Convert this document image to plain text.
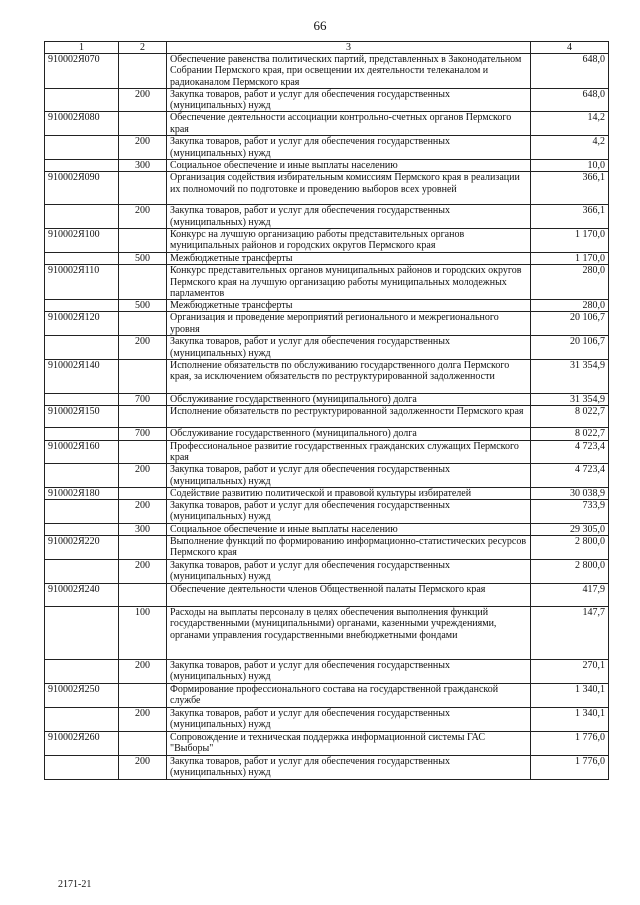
66
1	2	3	4
910002Я070		Обеспечение равенства политических партий, представленных в Законодательном Собрании Пермского края, при освещении их деятельности телеканалом и радиоканалом Пермского края	648,0
	200	Закупка товаров, работ и услуг для обеспечения государственных (муниципальных) нужд	648,0
910002Я080		Обеспечение деятельности ассоциации контрольно-счетных органов Пермского края	14,2
	200	Закупка товаров, работ и услуг для обеспечения государственных (муниципальных) нужд	4,2
	300	Социальное обеспечение и иные выплаты населению	10,0
910002Я090		Организация содействия избирательным комиссиям Пермского края в реализации их полномочий по подготовке и проведению выборов всех уровней	366,1
	200	Закупка товаров, работ и услуг для обеспечения государственных (муниципальных) нужд	366,1
910002Я100		Конкурс на лучшую организацию работы представительных органов муниципальных районов и городских округов Пермского края	1 170,0
	500	Межбюджетные трансферты	1 170,0
910002Я110		Конкурс представительных органов муниципальных районов и городских округов Пермского края на лучшую организацию работы муниципальных молодежных парламентов	280,0
	500	Межбюджетные трансферты	280,0
910002Я120		Организация и проведение мероприятий регионального и межрегионального уровня	20 106,7
	200	Закупка товаров, работ и услуг для обеспечения государственных (муниципальных) нужд	20 106,7
910002Я140		Исполнение обязательств по обслуживанию государственного долга Пермского края, за исключением обязательств по реструктурированной задолженности	31 354,9
	700	Обслуживание государственного (муниципального) долга	31 354,9
910002Я150		Исполнение обязательств по реструктурированной задолженности Пермского края	8 022,7
	700	Обслуживание государственного (муниципального) долга	8 022,7
910002Я160		Профессиональное развитие государственных гражданских служащих Пермского края	4 723,4
	200	Закупка товаров, работ и услуг для обеспечения государственных (муниципальных) нужд	4 723,4
910002Я180		Содействие развитию политической и правовой культуры избирателей	30 038,9
	200	Закупка товаров, работ и услуг для обеспечения государственных (муниципальных) нужд	733,9
	300	Социальное обеспечение и иные выплаты населению	29 305,0
910002Я220		Выполнение функций по формированию информационно-статистических ресурсов Пермского края	2 800,0
	200	Закупка товаров, работ и услуг для обеспечения государственных (муниципальных) нужд	2 800,0
910002Я240		Обеспечение деятельности членов Общественной палаты Пермского края	417,9
	100	Расходы на выплаты персоналу в целях обеспечения выполнения функций государственными (муниципальными) органами, казенными учреждениями, органами управления государственными внебюджетными фондами	147,7
	200	Закупка товаров, работ и услуг для обеспечения государственных (муниципальных) нужд	270,1
910002Я250		Формирование профессионального состава на государственной гражданской службе	1 340,1
	200	Закупка товаров, работ и услуг для обеспечения государственных (муниципальных) нужд	1 340,1
910002Я260		Сопровождение и техническая поддержка информационной системы ГАС "Выборы"	1 776,0
	200	Закупка товаров, работ и услуг для обеспечения государственных (муниципальных) нужд	1 776,0
2171-21
